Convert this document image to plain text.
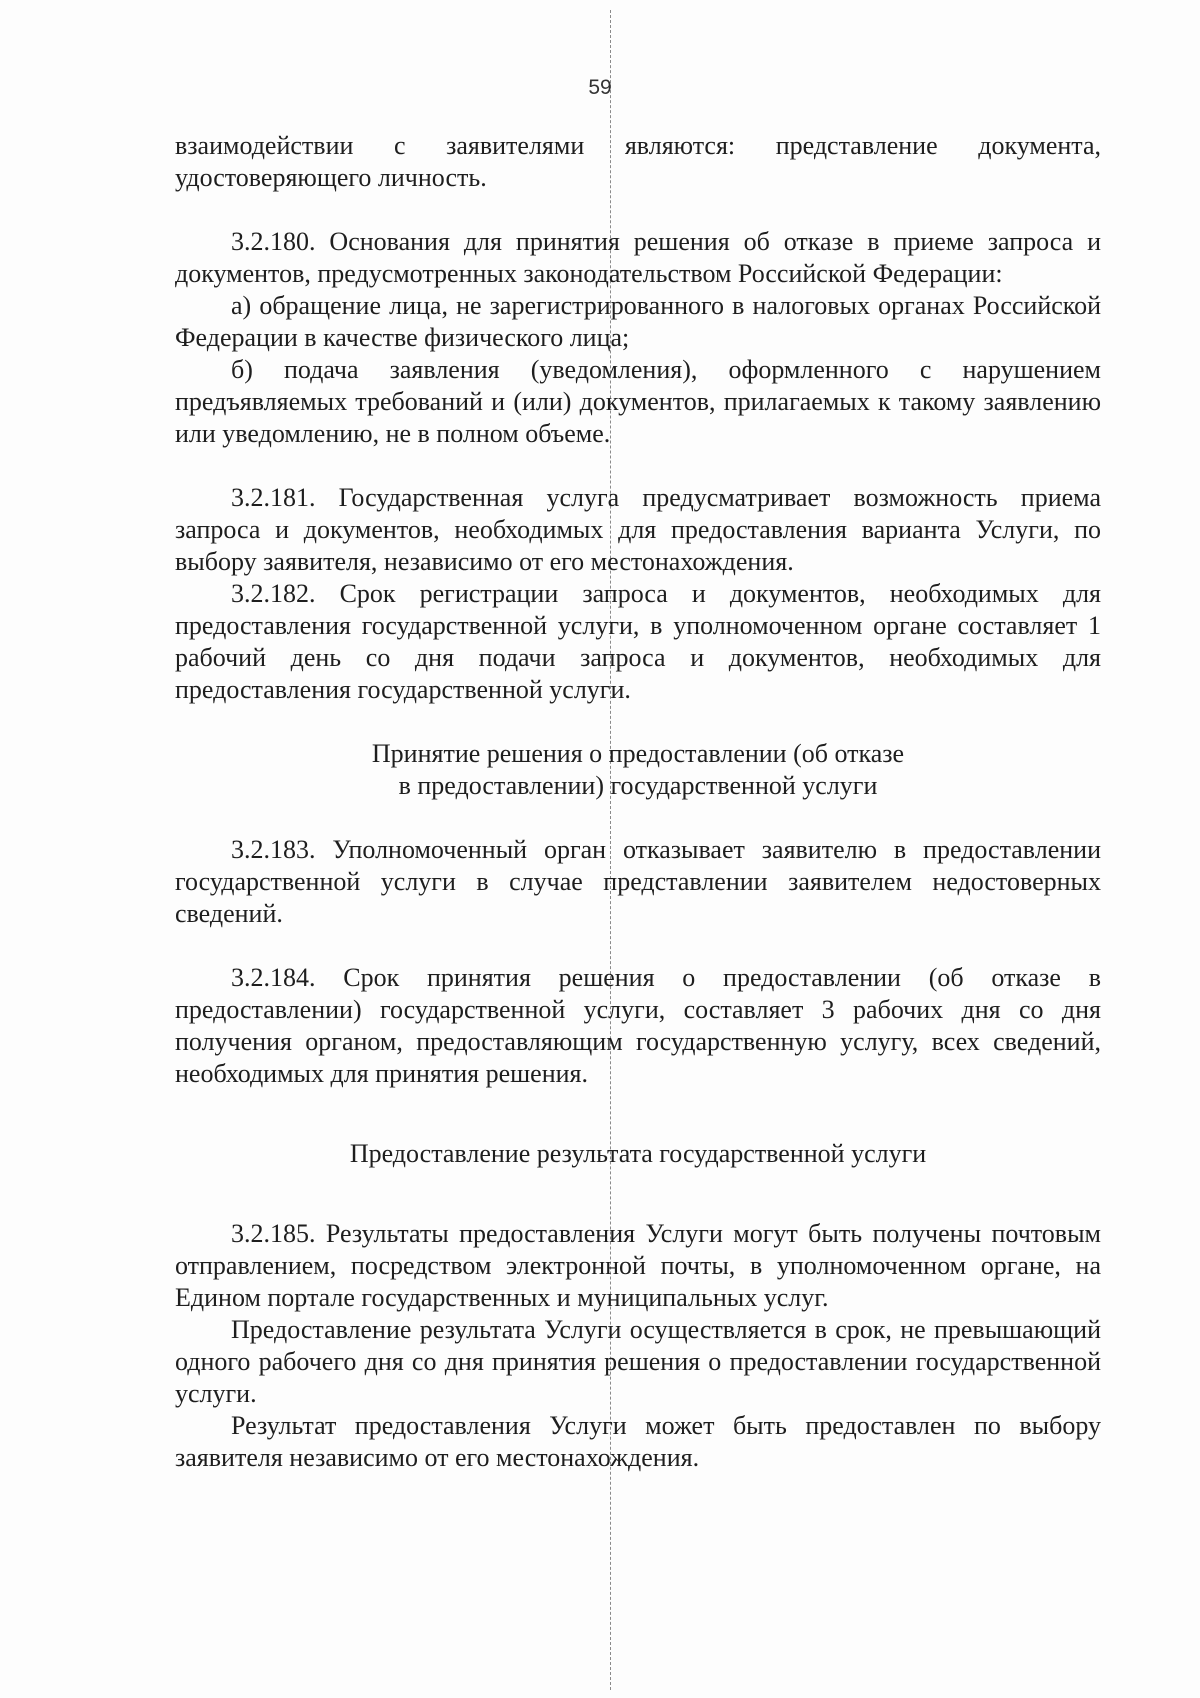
59

взаимодействии с заявителями являются: представление документа, удостоверяющего личность.

3.2.180. Основания для принятия решения об отказе в приеме запроса и документов, предусмотренных законодательством Российской Федерации:

а) обращение лица, не зарегистрированного в налоговых органах Российской Федерации в качестве физического лица;

б) подача заявления (уведомления), оформленного с нарушением предъявляемых требований и (или) документов, прилагаемых к такому заявлению или уведомлению, не в полном объеме.

3.2.181. Государственная услуга предусматривает возможность приема запроса и документов, необходимых для предоставления варианта Услуги, по выбору заявителя, независимо от его местонахождения.

3.2.182. Срок регистрации запроса и документов, необходимых для предоставления государственной услуги, в уполномоченном органе составляет 1 рабочий день со дня подачи запроса и документов, необходимых для предоставления государственной услуги.

Принятие решения о предоставлении (об отказе

в предоставлении) государственной услуги

3.2.183. Уполномоченный орган отказывает заявителю в предоставлении государственной услуги в случае представлении заявителем недостоверных сведений.

3.2.184. Срок принятия решения о предоставлении (об отказе в предоставлении) государственной услуги, составляет 3 рабочих дня со дня получения органом, предоставляющим государственную услугу, всех сведений, необходимых для принятия решения.

Предоставление результата государственной услуги

3.2.185. Результаты предоставления Услуги могут быть получены почтовым отправлением, посредством электронной почты, в уполномоченном органе, на Едином портале государственных и муниципальных услуг.

Предоставление результата Услуги осуществляется в срок, не превышающий одного рабочего дня со дня принятия решения о предоставлении государственной услуги.

Результат предоставления Услуги может быть предоставлен по выбору заявителя независимо от его местонахождения.
